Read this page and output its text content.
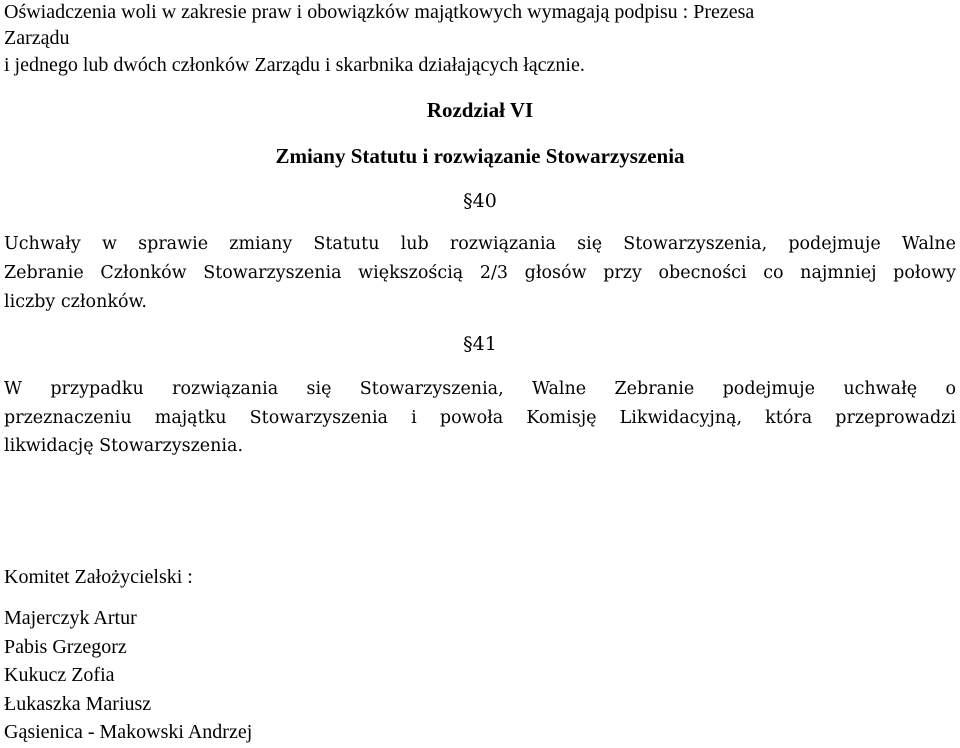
Oświadczenia woli w zakresie praw i obowiązków majątkowych wymagają podpisu : Prezesa
Zarządu
i jednego lub dwóch członków Zarządu i skarbnika działających łącznie.
Rozdział VI
Zmiany Statutu i rozwiązanie Stowarzyszenia
§40
Uchwały w sprawie zmiany Statutu lub rozwiązania się Stowarzyszenia, podejmuje Walne
Zebranie Członków Stowarzyszenia większością 2/3 głosów przy obecności co najmniej połowy
liczby członków.
§41
W przypadku rozwiązania się Stowarzyszenia, Walne Zebranie podejmuje uchwałę o
przeznaczeniu majątku Stowarzyszenia i powoła Komisję Likwidacyjną, która przeprowadzi
likwidację Stowarzyszenia.
Komitet Założycielski :
Majerczyk Artur
Pabis Grzegorz
Kukucz Zofia
Łukaszka Mariusz
Gąsienica - Makowski Andrzej
